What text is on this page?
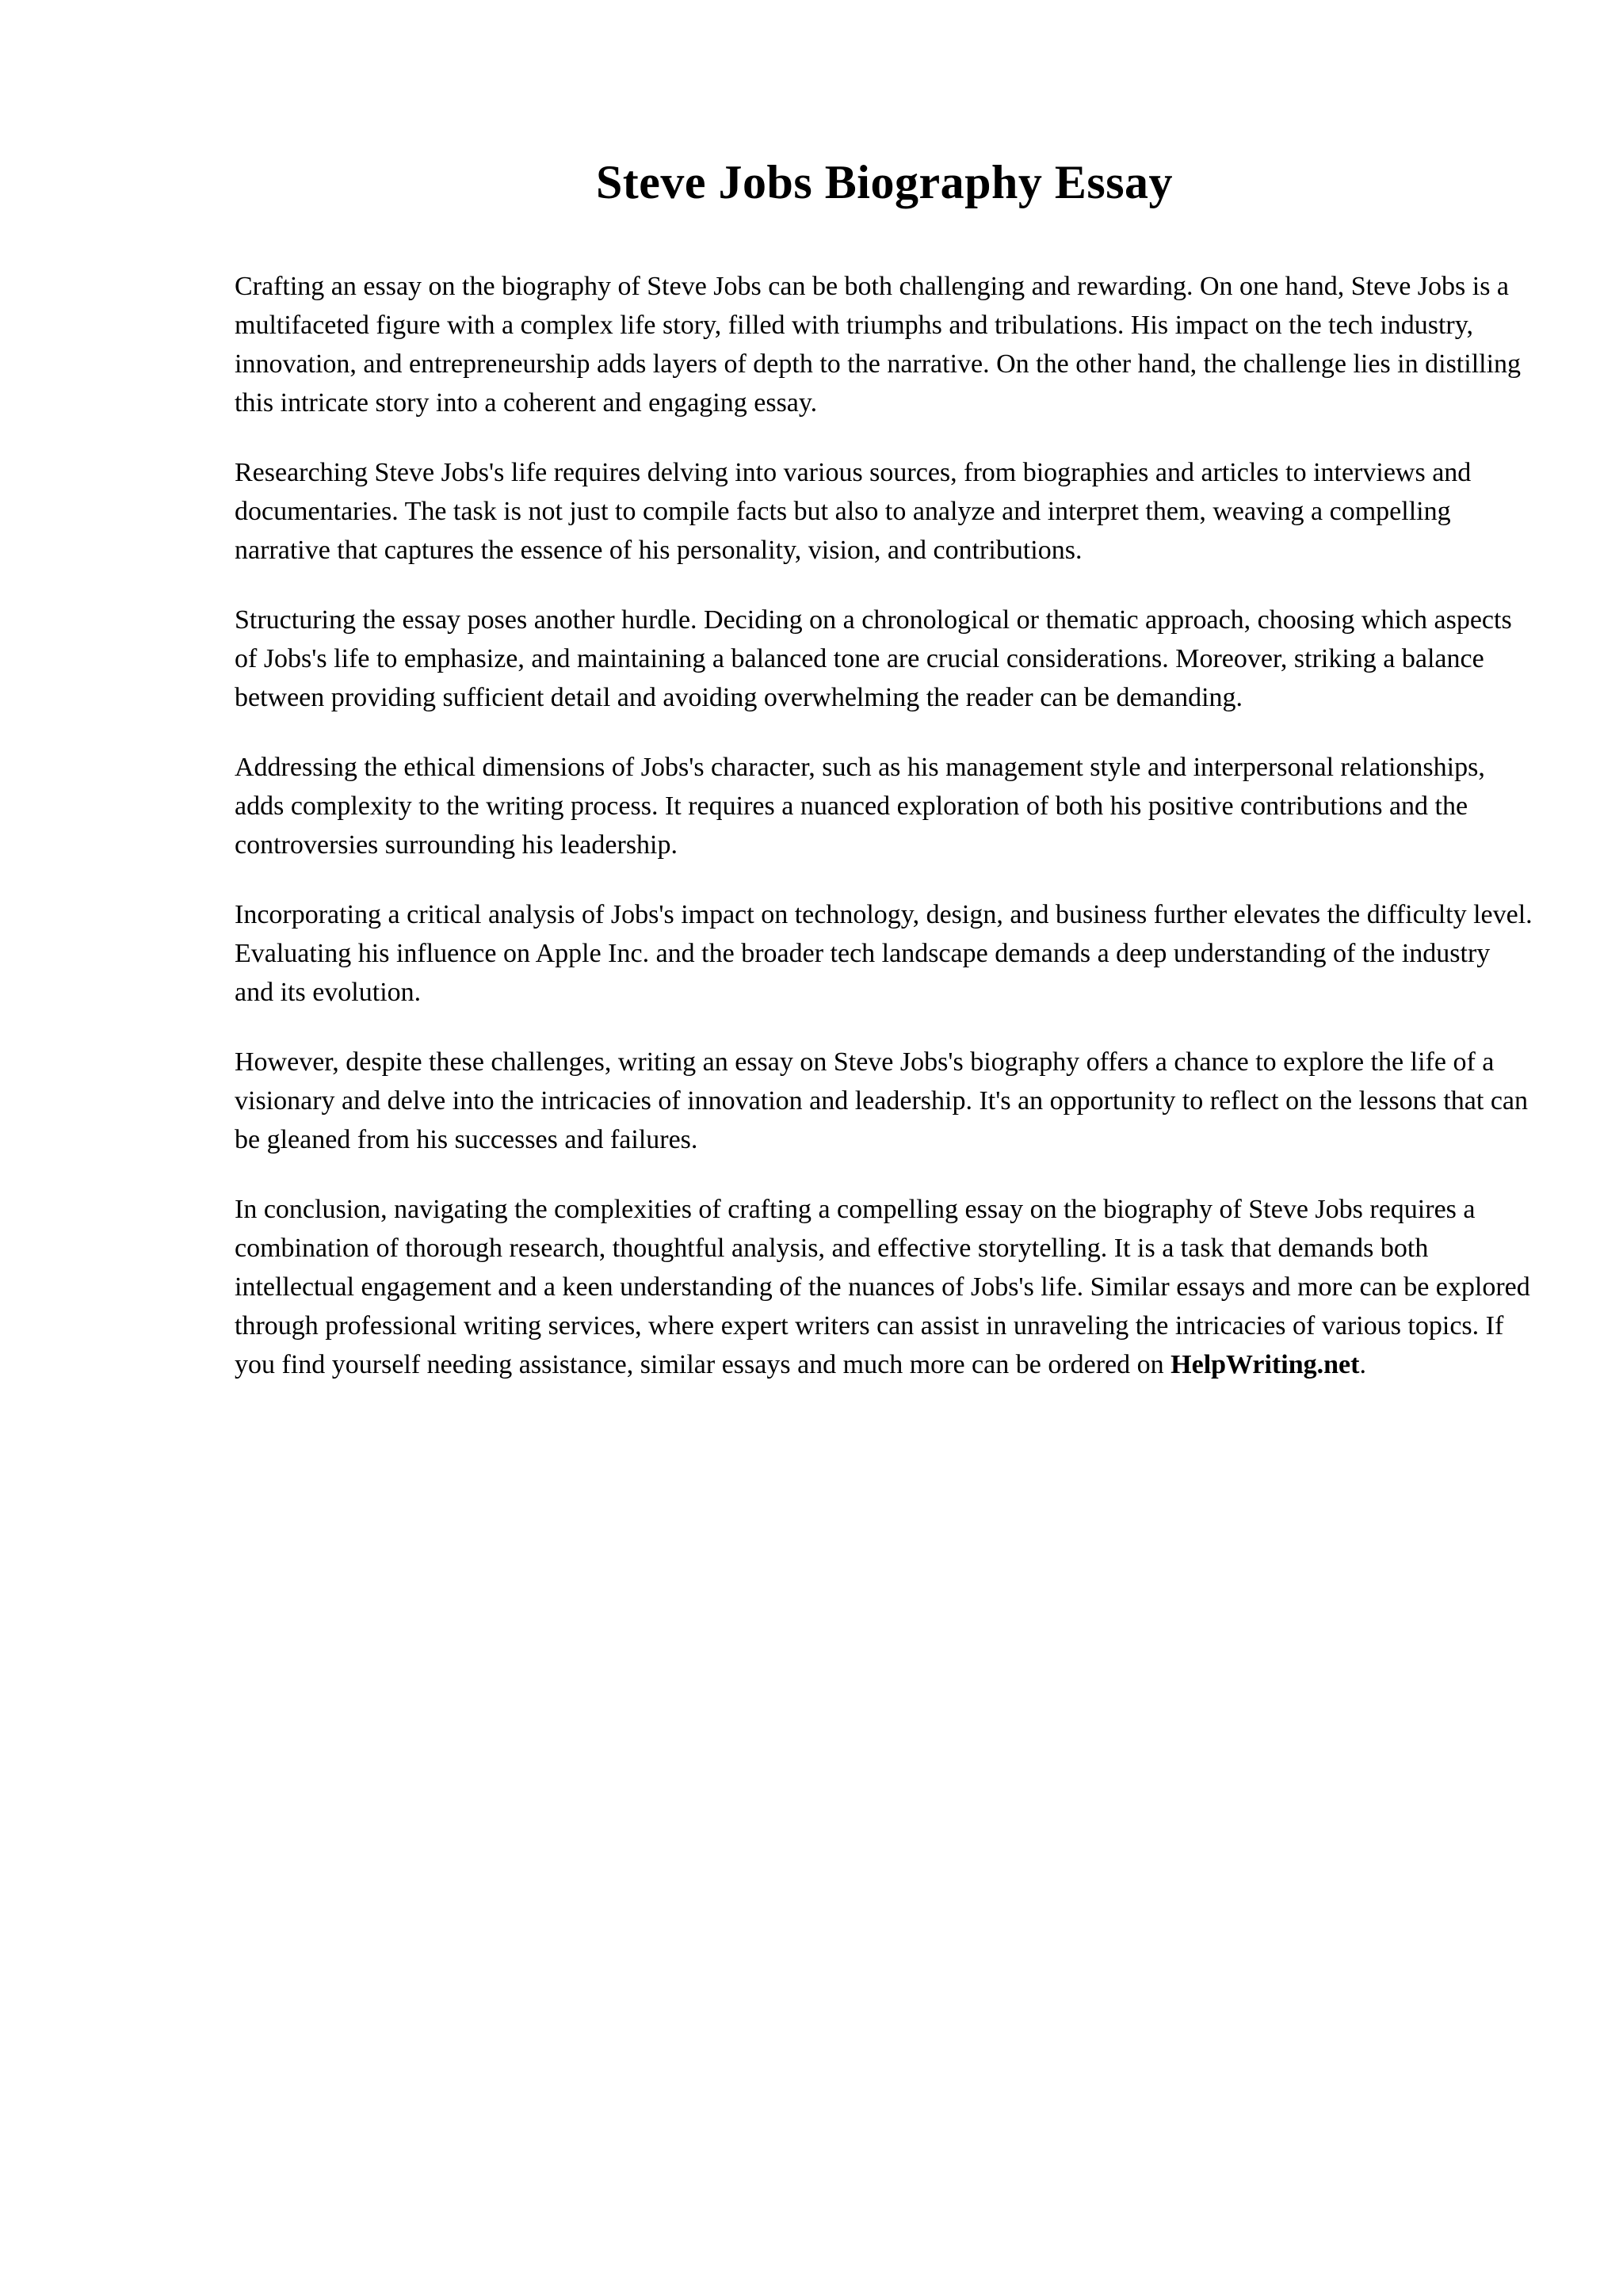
Steve Jobs Biography Essay

Crafting an essay on the biography of Steve Jobs can be both challenging and rewarding. On one hand, Steve Jobs is a multifaceted figure with a complex life story, filled with triumphs and tribulations. His impact on the tech industry, innovation, and entrepreneurship adds layers of depth to the narrative. On the other hand, the challenge lies in distilling this intricate story into a coherent and engaging essay.

Researching Steve Jobs's life requires delving into various sources, from biographies and articles to interviews and documentaries. The task is not just to compile facts but also to analyze and interpret them, weaving a compelling narrative that captures the essence of his personality, vision, and contributions.

Structuring the essay poses another hurdle. Deciding on a chronological or thematic approach, choosing which aspects of Jobs's life to emphasize, and maintaining a balanced tone are crucial considerations. Moreover, striking a balance between providing sufficient detail and avoiding overwhelming the reader can be demanding.

Addressing the ethical dimensions of Jobs's character, such as his management style and interpersonal relationships, adds complexity to the writing process. It requires a nuanced exploration of both his positive contributions and the controversies surrounding his leadership.

Incorporating a critical analysis of Jobs's impact on technology, design, and business further elevates the difficulty level. Evaluating his influence on Apple Inc. and the broader tech landscape demands a deep understanding of the industry and its evolution.

However, despite these challenges, writing an essay on Steve Jobs's biography offers a chance to explore the life of a visionary and delve into the intricacies of innovation and leadership. It's an opportunity to reflect on the lessons that can be gleaned from his successes and failures.

In conclusion, navigating the complexities of crafting a compelling essay on the biography of Steve Jobs requires a combination of thorough research, thoughtful analysis, and effective storytelling. It is a task that demands both intellectual engagement and a keen understanding of the nuances of Jobs's life. Similar essays and more can be explored through professional writing services, where expert writers can assist in unraveling the intricacies of various topics. If you find yourself needing assistance, similar essays and much more can be ordered on HelpWriting.net.
